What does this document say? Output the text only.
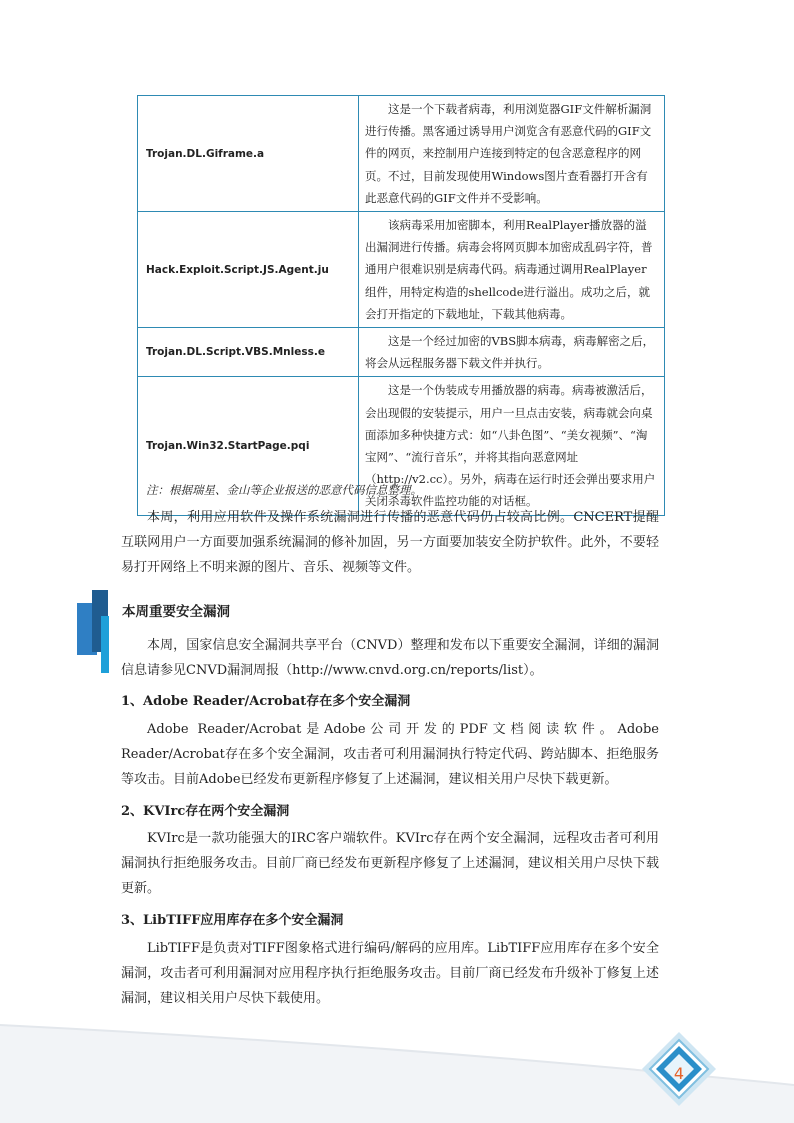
Trojan.DL.Giframe.a	这是一个下载者病毒，利用浏览器GIF文件解析漏洞进行传播。黑客通过诱导用户浏览含有恶意代码的GIF文件的网页，来控制用户连接到特定的包含恶意程序的网页。不过，目前发现使用Windows图片查看器打开含有此恶意代码的GIF文件并不受影响。
Hack.Exploit.Script.JS.Agent.ju	该病毒采用加密脚本，利用RealPlayer播放器的溢出漏洞进行传播。病毒会将网页脚本加密成乱码字符，普通用户很难识别是病毒代码。病毒通过调用RealPlayer组件，用特定构造的shellcode进行溢出。成功之后，就会打开指定的下载地址，下载其他病毒。
Trojan.DL.Script.VBS.Mnless.e	这是一个经过加密的VBS脚本病毒，病毒解密之后，将会从远程服务器下载文件并执行。
Trojan.Win32.StartPage.pqi	这是一个伪装成专用播放器的病毒。病毒被激活后，会出现假的安装提示，用户一旦点击安装，病毒就会向桌面添加多种快捷方式：如“八卦色图”、“美女视频”、“淘宝网”、“流行音乐”，并将其指向恶意网址（http://v2.cc）。另外，病毒在运行时还会弹出要求用户关闭杀毒软件监控功能的对话框。
注：根据瑞星、金山等企业报送的恶意代码信息整理。
本周，利用应用软件及操作系统漏洞进行传播的恶意代码仍占较高比例。CNCERT提醒互联网用户一方面要加强系统漏洞的修补加固，另一方面要加装安全防护软件。此外，不要轻易打开网络上不明来源的图片、音乐、视频等文件。
本周重要安全漏洞
本周，国家信息安全漏洞共享平台（CNVD）整理和发布以下重要安全漏洞，详细的漏洞信息请参见CNVD漏洞周报（http://www.cnvd.org.cn/reports/list）。
1、Adobe Reader/Acrobat存在多个安全漏洞
Adobe Reader/Acrobat是Adobe公司开发的PDF文档阅读软件。Adobe Reader/Acrobat存在多个安全漏洞，攻击者可利用漏洞执行特定代码、跨站脚本、拒绝服务等攻击。目前Adobe已经发布更新程序修复了上述漏洞，建议相关用户尽快下载更新。
2、KVIrc存在两个安全漏洞
KVIrc是一款功能强大的IRC客户端软件。KVIrc存在两个安全漏洞，远程攻击者可利用漏洞执行拒绝服务攻击。目前厂商已经发布更新程序修复了上述漏洞，建议相关用户尽快下载更新。
3、LibTIFF应用库存在多个安全漏洞
LibTIFF是负责对TIFF图象格式进行编码/解码的应用库。LibTIFF应用库存在多个安全漏洞，攻击者可利用漏洞对应用程序执行拒绝服务攻击。目前厂商已经发布升级补丁修复上述漏洞，建议相关用户尽快下载使用。
4
